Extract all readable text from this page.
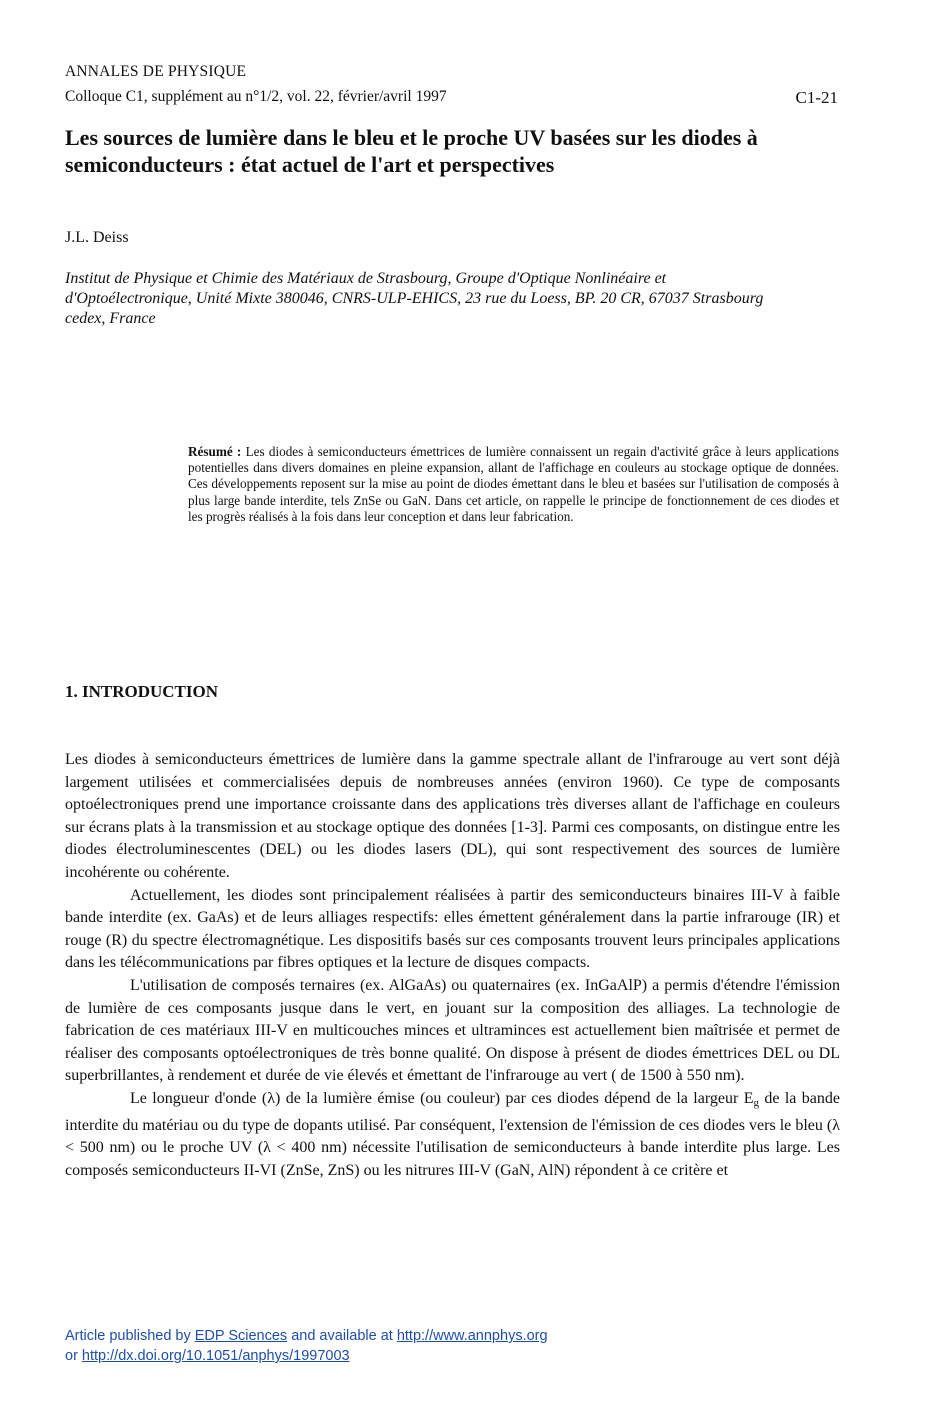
ANNALES DE PHYSIQUE
Colloque C1, supplément au n°1/2, vol. 22, février/avril 1997	C1-21
Les sources de lumière dans le bleu et le proche UV basées sur les diodes à semiconducteurs : état actuel de l'art et perspectives
J.L. Deiss
Institut de Physique et Chimie des Matériaux de Strasbourg, Groupe d'Optique Nonlinéaire et d'Optoélectronique, Unité Mixte 380046, CNRS-ULP-EHICS, 23 rue du Loess, BP. 20 CR, 67037 Strasbourg cedex, France
Résumé : Les diodes à semiconducteurs émettrices de lumière connaissent un regain d'activité grâce à leurs applications potentielles dans divers domaines en pleine expansion, allant de l'affichage en couleurs au stockage optique de données. Ces développements reposent sur la mise au point de diodes émettant dans le bleu et basées sur l'utilisation de composés à plus large bande interdite, tels ZnSe ou GaN. Dans cet article, on rappelle le principe de fonctionnement de ces diodes et les progrès réalisés à la fois dans leur conception et dans leur fabrication.
1. INTRODUCTION

Les diodes à semiconducteurs émettrices de lumière dans la gamme spectrale allant de l'infrarouge au vert sont déjà largement utilisées et commercialisées depuis de nombreuses années (environ 1960). Ce type de composants optoélectroniques prend une importance croissante dans des applications très diverses allant de l'affichage en couleurs sur écrans plats à la transmission et au stockage optique des données [1-3]. Parmi ces composants, on distingue entre les diodes électroluminescentes (DEL) ou les diodes lasers (DL), qui sont respectivement des sources de lumière incohérente ou cohérente.

Actuellement, les diodes sont principalement réalisées à partir des semiconducteurs binaires III-V à faible bande interdite (ex. GaAs) et de leurs alliages respectifs: elles émettent généralement dans la partie infrarouge (IR) et rouge (R) du spectre électromagnétique. Les dispositifs basés sur ces composants trouvent leurs principales applications dans les télécommunications par fibres optiques et la lecture de disques compacts.

L'utilisation de composés ternaires (ex. AlGaAs) ou quaternaires (ex. InGaAlP) a permis d'étendre l'émission de lumière de ces composants jusque dans le vert, en jouant sur la composition des alliages. La technologie de fabrication de ces matériaux III-V en multicouches minces et ultraminces est actuellement bien maîtrisée et permet de réaliser des composants optoélectroniques de très bonne qualité. On dispose à présent de diodes émettrices DEL ou DL superbrillantes, à rendement et durée de vie élevés et émettant de l'infrarouge au vert ( de 1500 à 550 nm).

Le longueur d'onde (λ) de la lumière émise (ou couleur) par ces diodes dépend de la largeur $E_g$ de la bande interdite du matériau ou du type de dopants utilisé. Par conséquent, l'extension de l'émission de ces diodes vers le bleu (λ < 500 nm) ou le proche UV (λ < 400 nm) nécessite l'utilisation de semiconducteurs à bande interdite plus large. Les composés semiconducteurs II-VI (ZnSe, ZnS) ou les nitrures III-V (GaN, AlN) répondent à ce critère et

Article published by EDP Sciences and available at http://www.annphys.org
or http://dx.doi.org/10.1051/anphys/1997003
